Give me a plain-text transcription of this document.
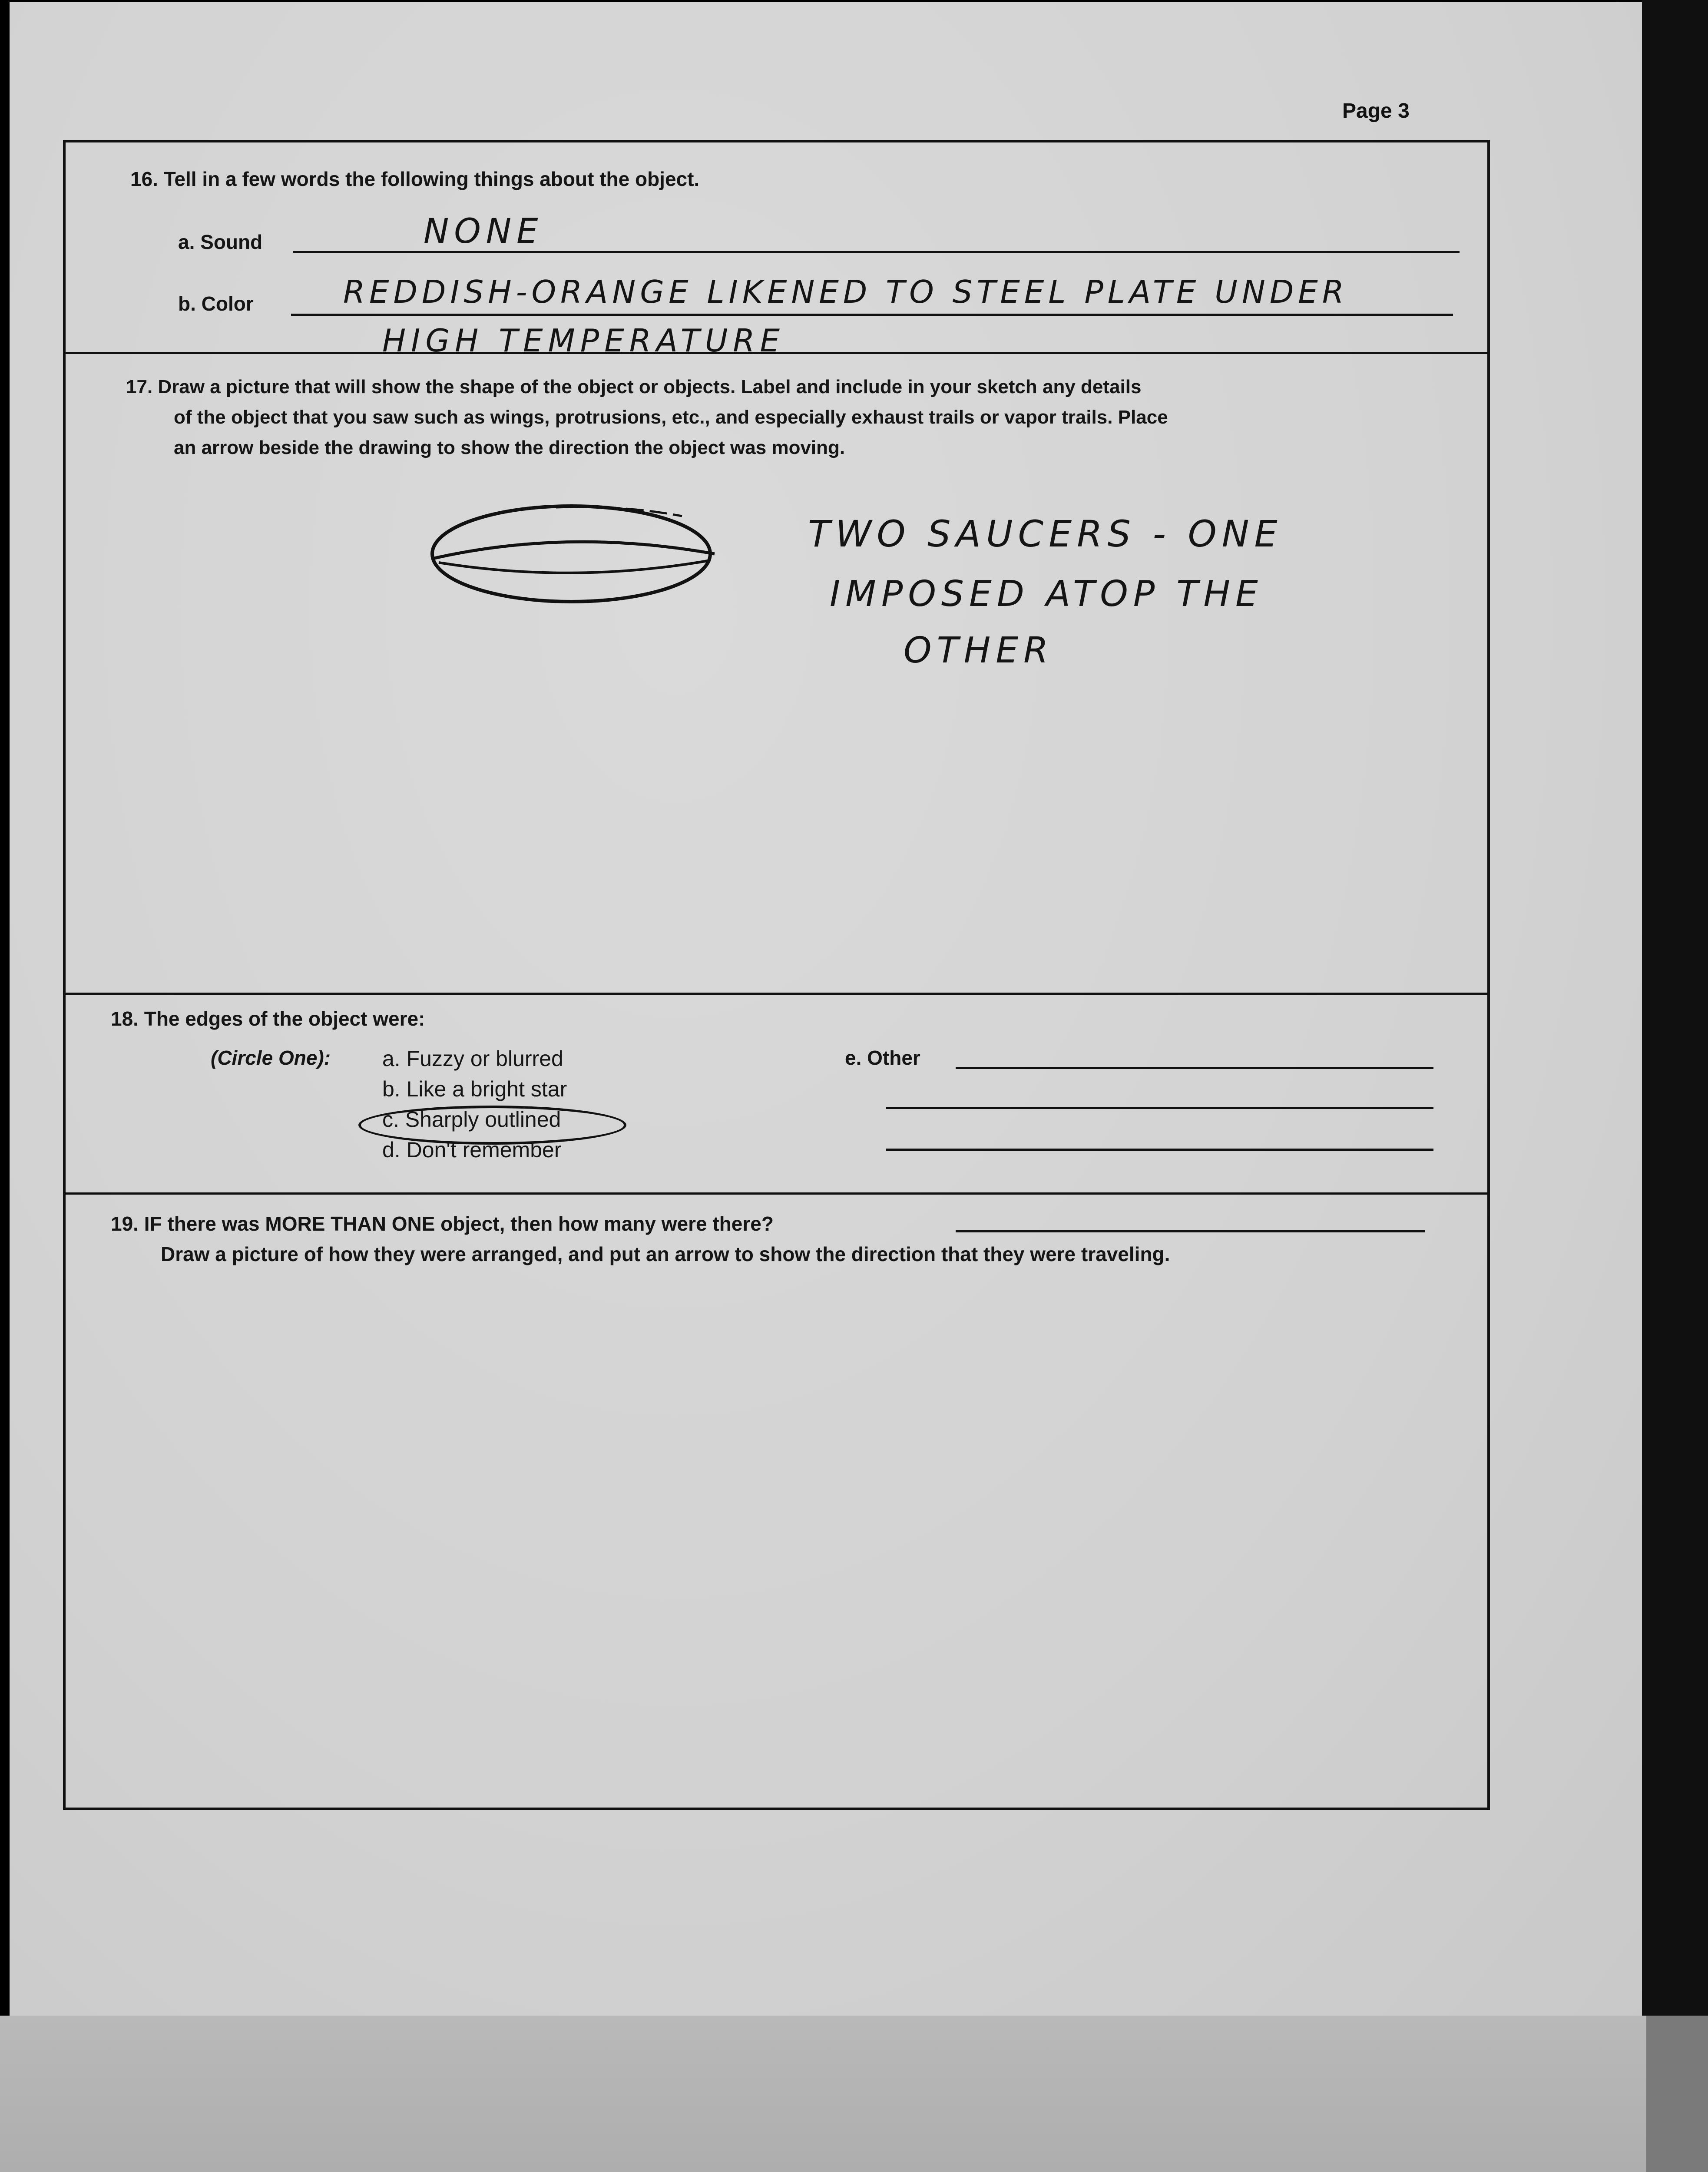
Page 3
16. Tell in a few words the following things about the object.
a. Sound	NONE
b. Color	REDDISH-ORANGE LIKENED TO STEEL PLATE UNDER
HIGH TEMPERATURE
17. Draw a picture that will show the shape of the object or objects. Label and include in your sketch any details
of the object that you saw such as wings, protrusions, etc., and especially exhaust trails or vapor trails. Place
an arrow beside the drawing to show the direction the object was moving.
TWO SAUCERS - ONE
IMPOSED ATOP THE
OTHER
18. The edges of the object were:
(Circle One): a. Fuzzy or blurred
b. Like a bright star
c. Sharply outlined
d. Don't remember
e. Other
19. IF there was MORE THAN ONE object, then how many were there?
Draw a picture of how they were arranged, and put an arrow to show the direction that they were traveling.
